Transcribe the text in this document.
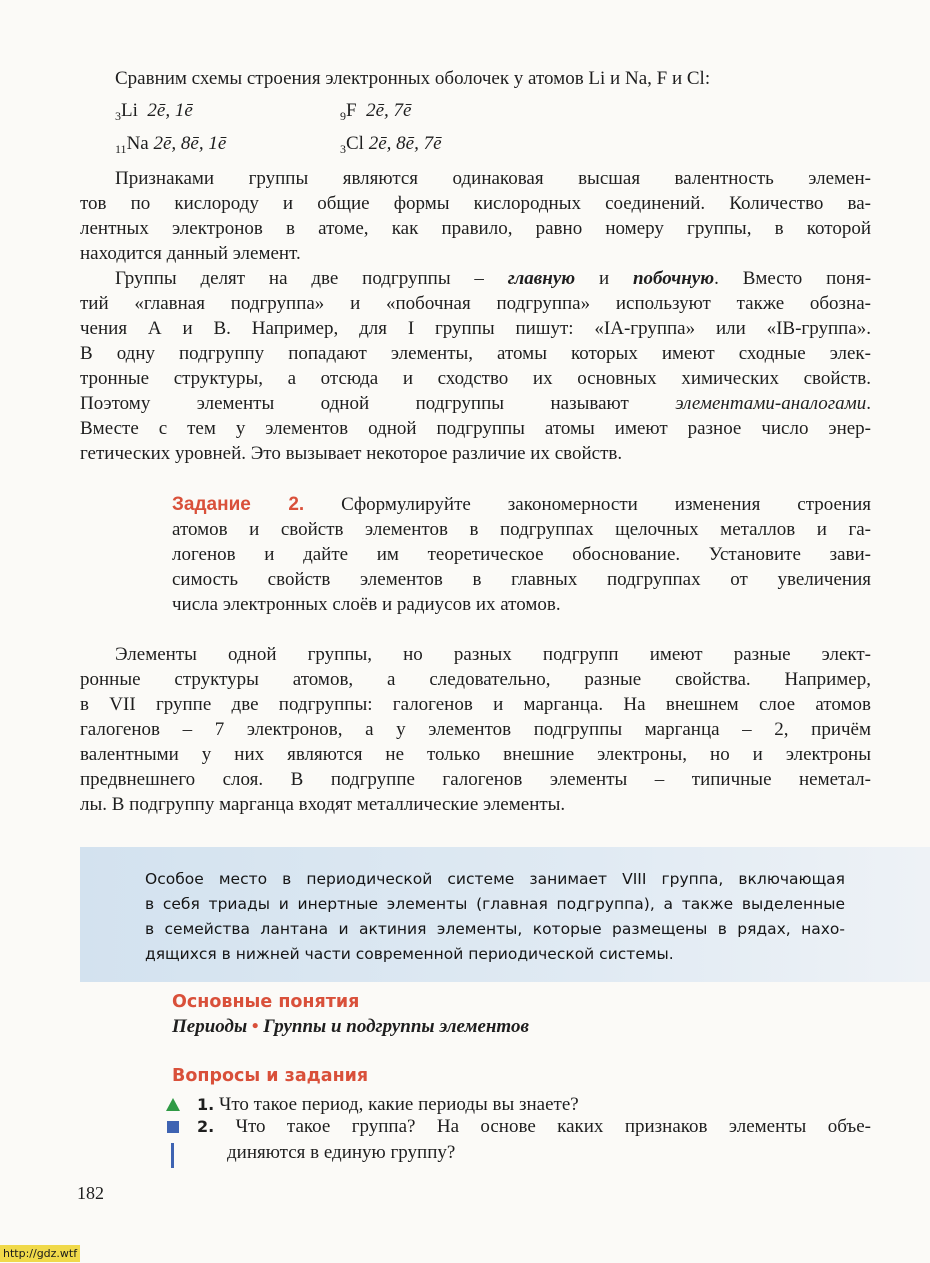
Сравним схемы строения электронных оболочек у атомов Li и Na, F и Cl:
$_3$Li 2ē, 1ē	$_9$F 2ē, 7ē
$_{11}$Na 2ē, 8ē, 1ē	$_3$Cl 2ē, 8ē, 7ē
Признаками группы являются одинаковая высшая валентность элемен-
тов по кислороду и общие формы кислородных соединений. Количество ва-
лентных электронов в атоме, как правило, равно номеру группы, в которой
находится данный элемент.
Группы делят на две подгруппы – главную и побочную. Вместо поня-
тий «главная подгруппа» и «побочная подгруппа» используют также обозна-
чения А и В. Например, для I группы пишут: «IA-группа» или «IB-группа».
В одну подгруппу попадают элементы, атомы которых имеют сходные элек-
тронные структуры, а отсюда и сходство их основных химических свойств.
Поэтому элементы одной подгруппы называют элементами-аналогами.
Вместе с тем у элементов одной подгруппы атомы имеют разное число энер-
гетических уровней. Это вызывает некоторое различие их свойств.
Задание 2. Сформулируйте закономерности изменения строения
атомов и свойств элементов в подгруппах щелочных металлов и га-
логенов и дайте им теоретическое обоснование. Установите зави-
симость свойств элементов в главных подгруппах от увеличения
числа электронных слоёв и радиусов их атомов.
Элементы одной группы, но разных подгрупп имеют разные элект-
ронные структуры атомов, а следовательно, разные свойства. Например,
в VII группе две подгруппы: галогенов и марганца. На внешнем слое атомов
галогенов – 7 электронов, а у элементов подгруппы марганца – 2, причём
валентными у них являются не только внешние электроны, но и электроны
предвнешнего слоя. В подгруппе галогенов элементы – типичные неметал-
лы. В подгруппу марганца входят металлические элементы.
Особое место в периодической системе занимает VIII группа, включающая
в себя триады и инертные элементы (главная подгруппа), а также выделенные
в семейства лантана и актиния элементы, которые размещены в рядах, нахо-
дящихся в нижней части современной периодической системы.
Основные понятия
Периоды • Группы и подгруппы элементов
Вопросы и задания
1. Что такое период, какие периоды вы знаете?
2. Что такое группа? На основе каких признаков элементы объе-
диняются в единую группу?
182
http://gdz.wtf
